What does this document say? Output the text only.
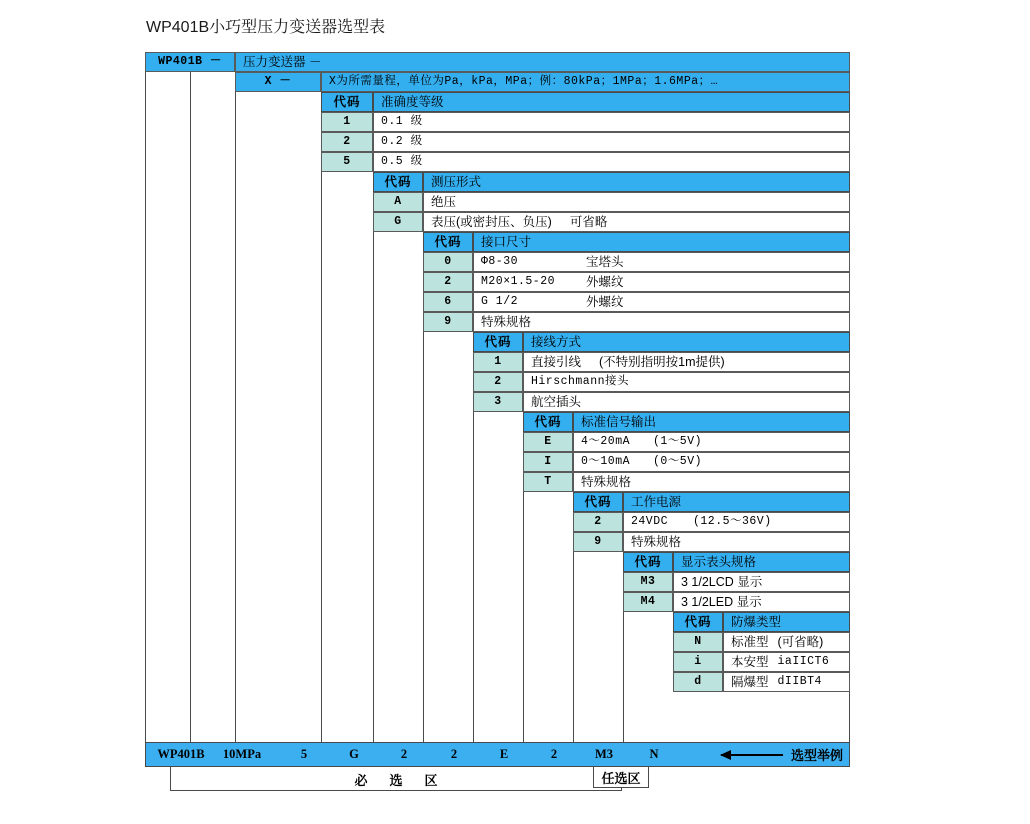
WP401B小巧型压力变送器选型表
WP401B － 压力变送器 －
X －	X为所需量程，单位为Pa，kPa，MPa；例：80kPa；1MPa；1.6MPa；…
代码 准确度等级
1	0.1 级
2	0.2 级
5	0.5 级
代码 测压形式
A 绝压
G 表压(或密封压、负压) 可省略
代码 接口尺寸
0	Φ8-30	宝塔头
2	M20×1.5-20	外螺纹
6	G 1/2	外螺纹
9 特殊规格
代码 接线方式
1 直接引线 (不特别指明按1m提供)
2	Hirschmann接头
3 航空插头
代码 标准信号输出
E	4～20mA	(1～5V)
I	0～10mA	(0～5V)
T 特殊规格
代码 工作电源
2	24VDC	(12.5～36V)
9 特殊规格
代码 显示表头规格
M3 3 1/2LCD 显示
M4 3 1/2LED 显示
代码 防爆类型
N 标准型 (可省略)
i 本安型 iaIICT6
d 隔爆型 dIIBT4
WP401B 10MPa	5	G	2	2	E	2	M3	N	选型举例
必选区	任选区
